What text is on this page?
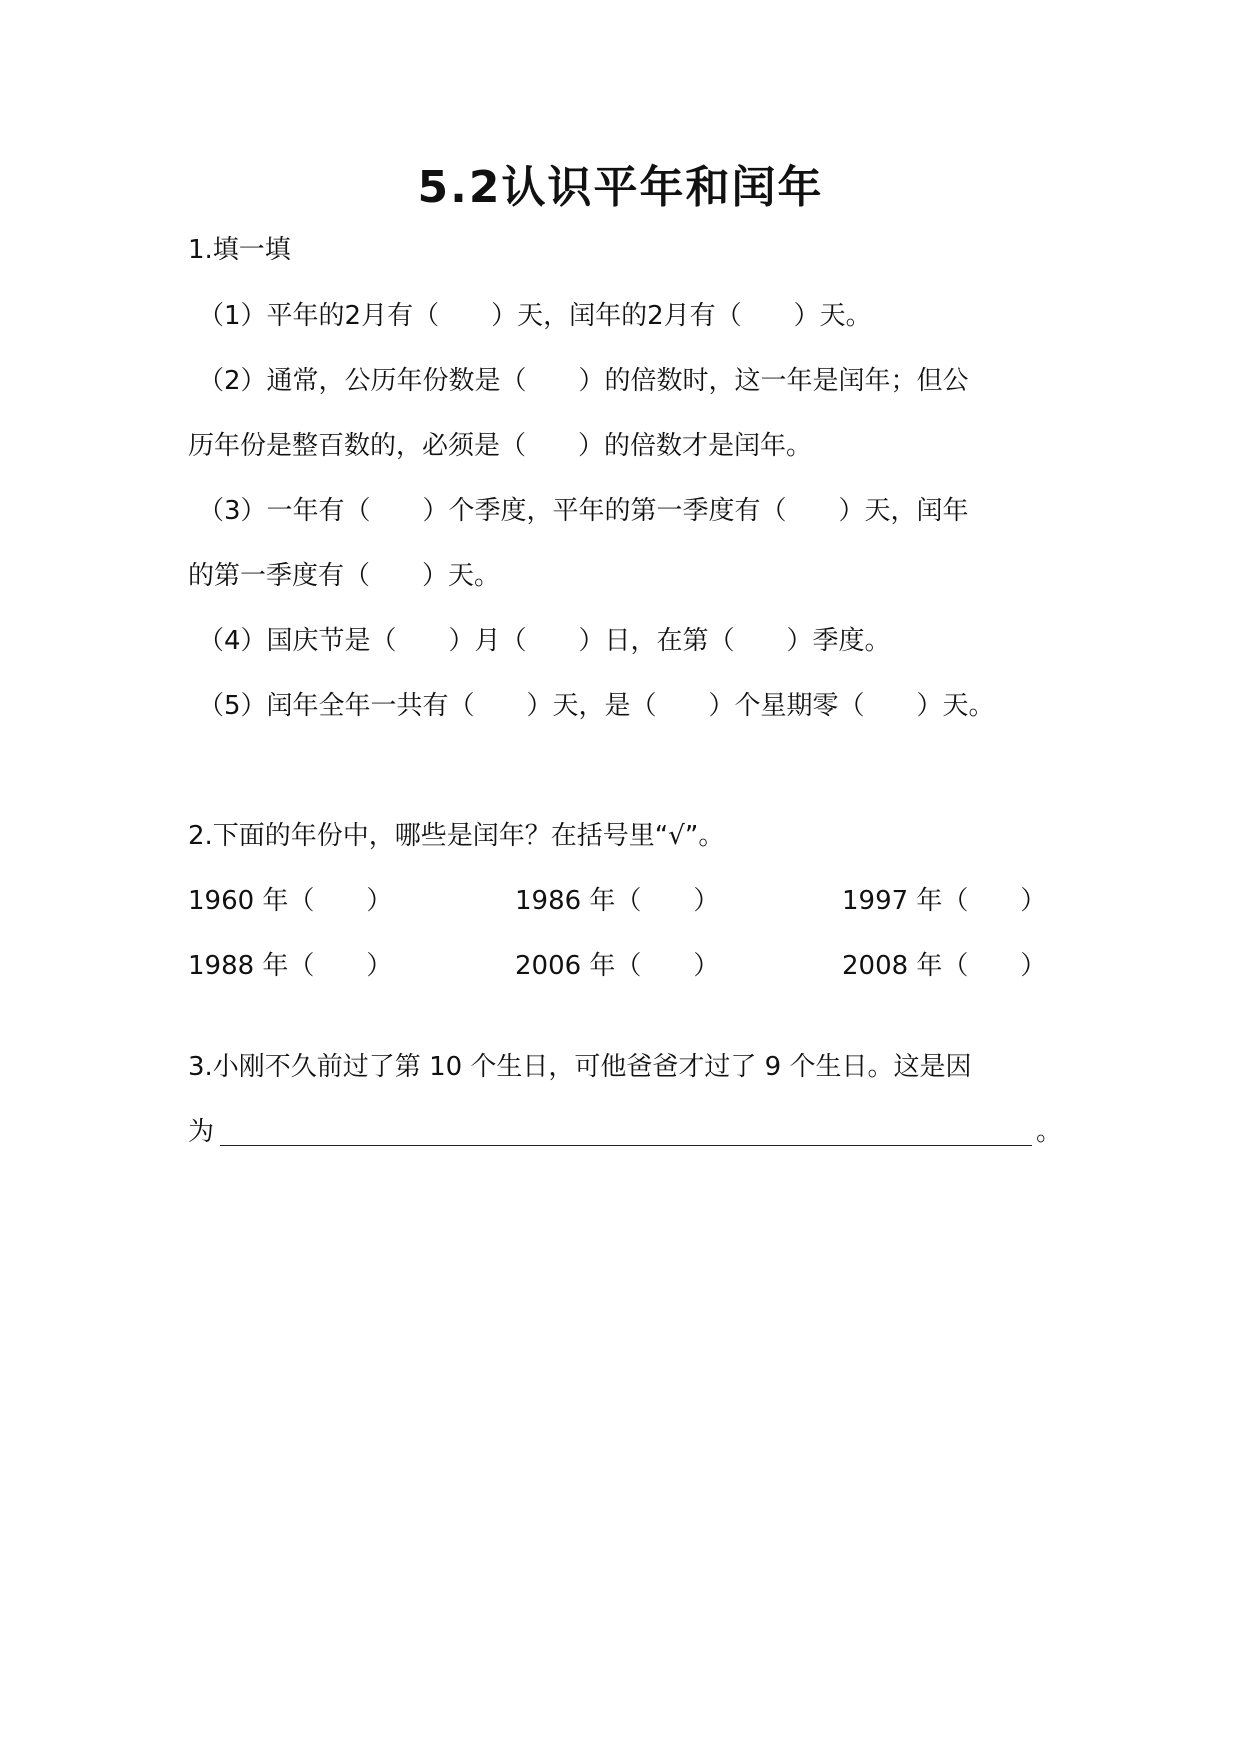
5.2认识平年和闰年
1.填一填
（1）平年的2月有（　　）天，闰年的2月有（　　）天。
（2）通常，公历年份数是（　　）的倍数时，这一年是闰年；但公
历年份是整百数的，必须是（　　）的倍数才是闰年。
（3）一年有（　　）个季度，平年的第一季度有（　　）天，闰年
的第一季度有（　　）天。
（4）国庆节是（　　）月（　　）日，在第（　　）季度。
（5）闰年全年一共有（　　）天，是（　　）个星期零（　　）天。
2.下面的年份中，哪些是闰年？在括号里“√”。
1960 年（　　）	1986 年（　　）	1997 年（　　）
1988 年（　　）	2006 年（　　）	2008 年（　　）
3.小刚不久前过了第 10 个生日，可他爸爸才过了 9 个生日。这是因
为	。
